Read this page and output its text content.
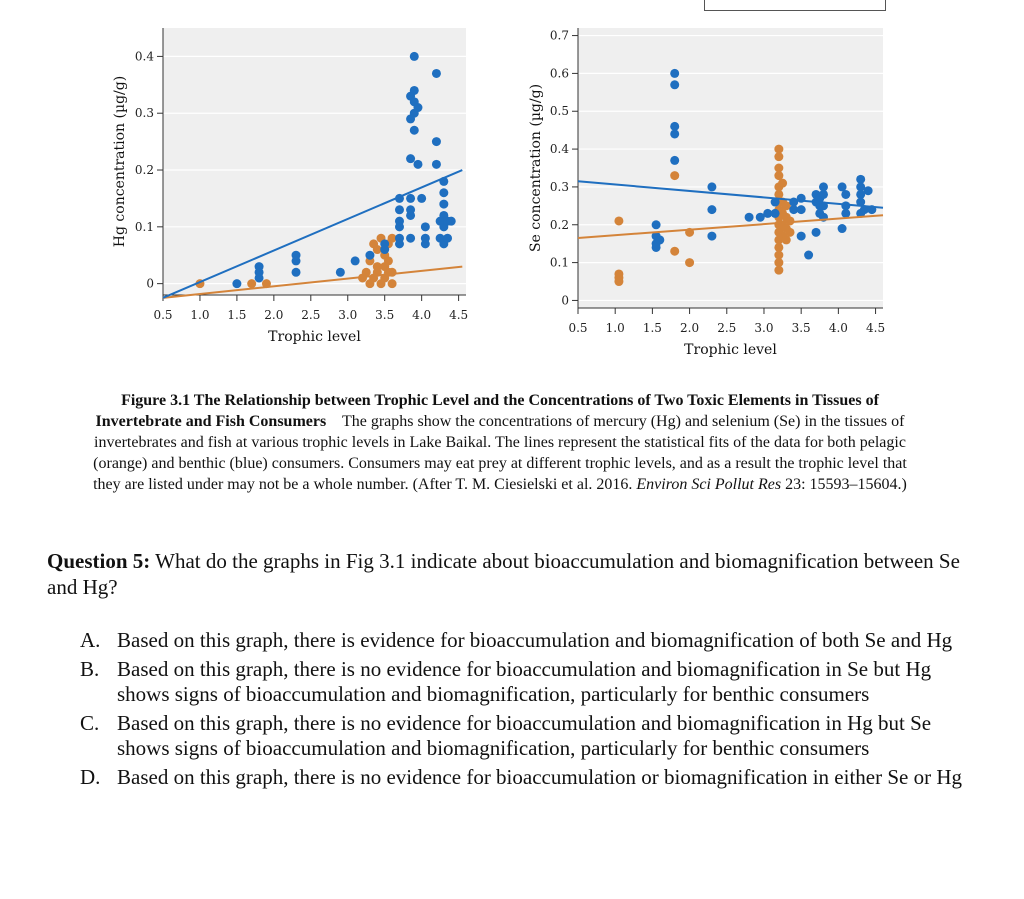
0
0.1
0.2
0.3
0.4
0.5 1.0 1.5 2.0 2.5 3.0 3.5 4.0 4.5
Trophic level
Hg concentration (µg/g)
0
0.1
0.2
0.3
0.4
0.5
0.6
0.7
0.5 1.0 1.5 2.0 2.5 3.0 3.5 4.0 4.5
Trophic level
Se concentration (µg/g)
Figure 3.1 The Relationship between Trophic Level and the Concentrations of Two Toxic Elements in Tissues of Invertebrate and Fish Consumers The graphs show the concentrations of mercury (Hg) and selenium (Se) in the tissues of invertebrates and fish at various trophic levels in Lake Baikal. The lines represent the statistical fits of the data for both pelagic (orange) and benthic (blue) consumers. Consumers may eat prey at different trophic levels, and as a result the trophic level that they are listed under may not be a whole number. (After T. M. Ciesielski et al. 2016. Environ Sci Pollut Res 23: 15593–15604.)
Question 5: What do the graphs in Fig 3.1 indicate about bioaccumulation and biomagnification between Se and Hg?
A. Based on this graph, there is evidence for bioaccumulation and biomagnification of both Se and Hg
B. Based on this graph, there is no evidence for bioaccumulation and biomagnification in Se but Hg shows signs of bioaccumulation and biomagnification, particularly for benthic consumers
C. Based on this graph, there is no evidence for bioaccumulation and biomagnification in Hg but Se shows signs of bioaccumulation and biomagnification, particularly for benthic consumers
D. Based on this graph, there is no evidence for bioaccumulation or biomagnification in either Se or Hg
